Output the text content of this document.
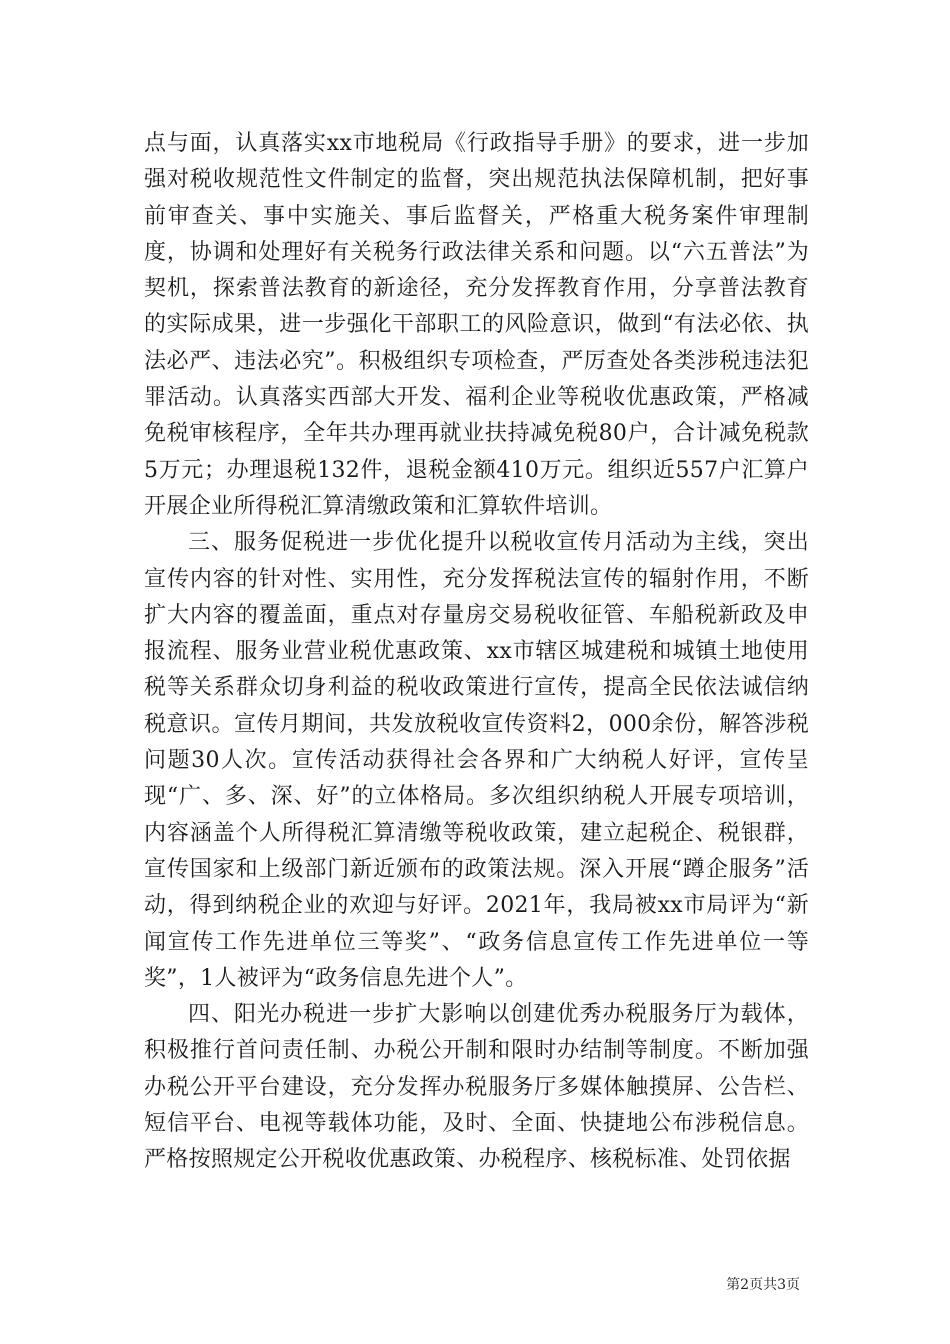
点与面，认真落实xx市地税局《行政指导手册》的要求，进一步加强对税收规范性文件制定的监督，突出规范执法保障机制，把好事前审查关、事中实施关、事后监督关，严格重大税务案件审理制度，协调和处理好有关税务行政法律关系和问题。以“六五普法”为契机，探索普法教育的新途径，充分发挥教育作用，分享普法教育的实际成果，进一步强化干部职工的风险意识，做到“有法必依、执法必严、违法必究”。积极组织专项检查，严厉查处各类涉税违法犯罪活动。认真落实西部大开发、福利企业等税收优惠政策，严格减免税审核程序，全年共办理再就业扶持减免税80户，合计减免税款5万元；办理退税132件，退税金额410万元。组织近557户汇算户开展企业所得税汇算清缴政策和汇算软件培训。

三、服务促税进一步优化提升以税收宣传月活动为主线，突出宣传内容的针对性、实用性，充分发挥税法宣传的辐射作用，不断扩大内容的覆盖面，重点对存量房交易税收征管、车船税新政及申报流程、服务业营业税优惠政策、xx市辖区城建税和城镇土地使用税等关系群众切身利益的税收政策进行宣传，提高全民依法诚信纳税意识。宣传月期间，共发放税收宣传资料2，000余份，解答涉税问题30人次。宣传活动获得社会各界和广大纳税人好评，宣传呈现“广、多、深、好”的立体格局。多次组织纳税人开展专项培训，内容涵盖个人所得税汇算清缴等税收政策，建立起税企、税银群，宣传国家和上级部门新近颁布的政策法规。深入开展“蹲企服务”活动，得到纳税企业的欢迎与好评。2021年，我局被xx市局评为“新闻宣传工作先进单位三等奖”、“政务信息宣传工作先进单位一等奖”，1人被评为“政务信息先进个人”。

四、阳光办税进一步扩大影响以创建优秀办税服务厅为载体，积极推行首问责任制、办税公开制和限时办结制等制度。不断加强办税公开平台建设，充分发挥办税服务厅多媒体触摸屏、公告栏、短信平台、电视等载体功能，及时、全面、快捷地公布涉税信息。严格按照规定公开税收优惠政策、办税程序、核税标准、处罚依据

第2页共3页
